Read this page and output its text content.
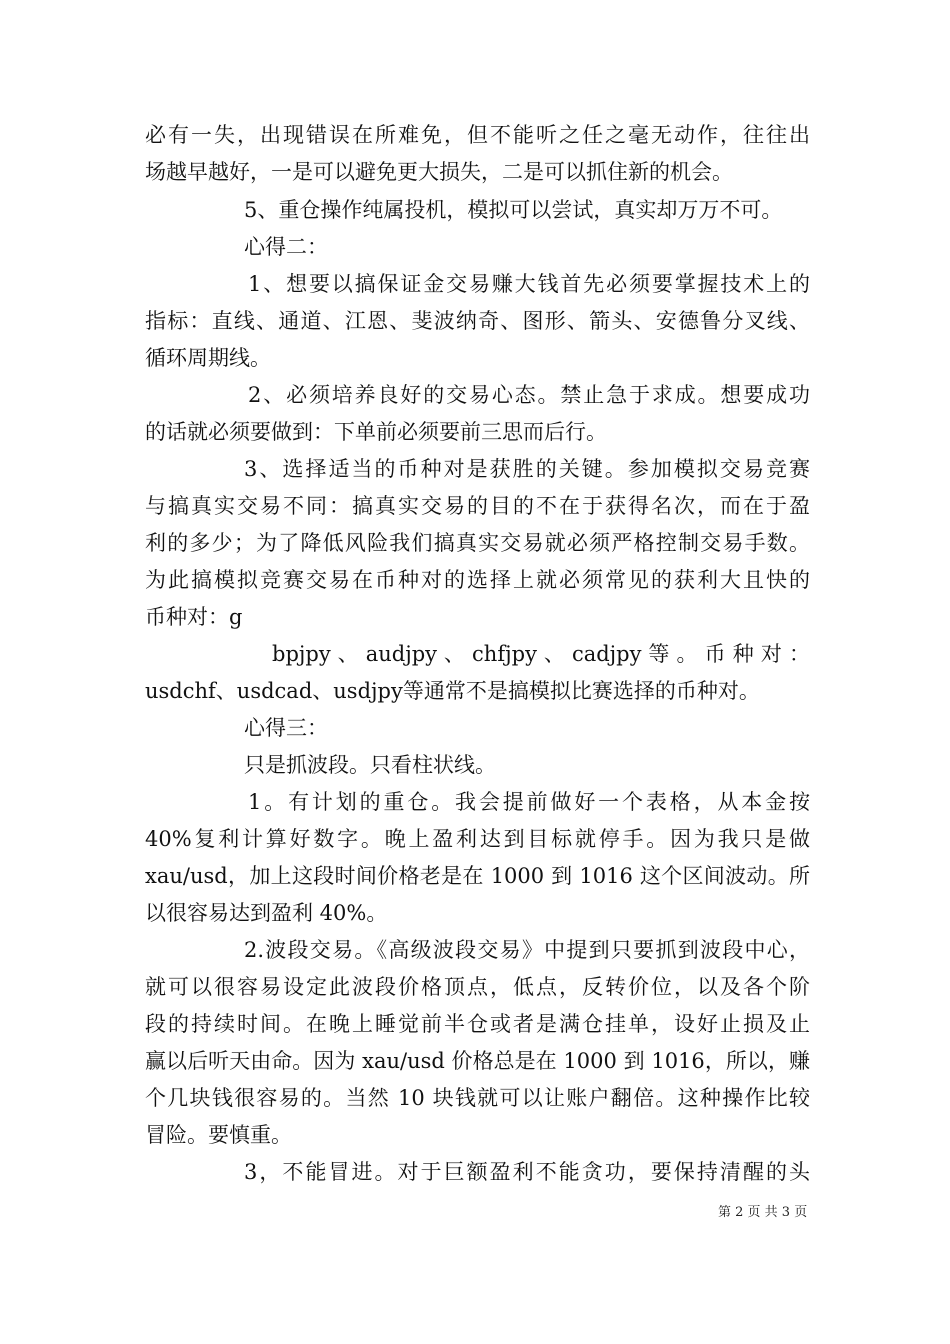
必有一失，出现错误在所难免，但不能听之任之毫无动作，往往出
场越早越好，一是可以避免更大损失，二是可以抓住新的机会。
5、重仓操作纯属投机，模拟可以尝试，真实却万万不可。
心得二：
1、想要以搞保证金交易赚大钱首先必须要掌握技术上的
指标：直线、通道、江恩、斐波纳奇、图形、箭头、安德鲁分叉线、
循环周期线。
2、必须培养良好的交易心态。禁止急于求成。想要成功
的话就必须要做到：下单前必须要前三思而后行。
3、选择适当的币种对是获胜的关键。参加模拟交易竞赛
与搞真实交易不同：搞真实交易的目的不在于获得名次，而在于盈
利的多少；为了降低风险我们搞真实交易就必须严格控制交易手数。
为此搞模拟竞赛交易在币种对的选择上就必须常见的获利大且快的
币种对：g
bpjpy 、 audjpy 、 chfjpy 、 cadjpy 等 。 币 种 对 ：
usdchf、usdcad、usdjpy等通常不是搞模拟比赛选择的币种对。
心得三：
只是抓波段。只看柱状线。
1。有计划的重仓。我会提前做好一个表格，从本金按
40%复利计算好数字。晚上盈利达到目标就停手。因为我只是做
xau/usd，加上这段时间价格老是在 1000 到 1016 这个区间波动。所
以很容易达到盈利 40%。
2.波段交易。《高级波段交易》中提到只要抓到波段中心，
就可以很容易设定此波段价格顶点，低点，反转价位，以及各个阶
段的持续时间。在晚上睡觉前半仓或者是满仓挂单，设好止损及止
赢以后听天由命。因为 xau/usd 价格总是在 1000 到 1016，所以，赚
个几块钱很容易的。当然 10 块钱就可以让账户翻倍。这种操作比较
冒险。要慎重。
3，不能冒进。对于巨额盈利不能贪功，要保持清醒的头
第 2 页 共 3 页
